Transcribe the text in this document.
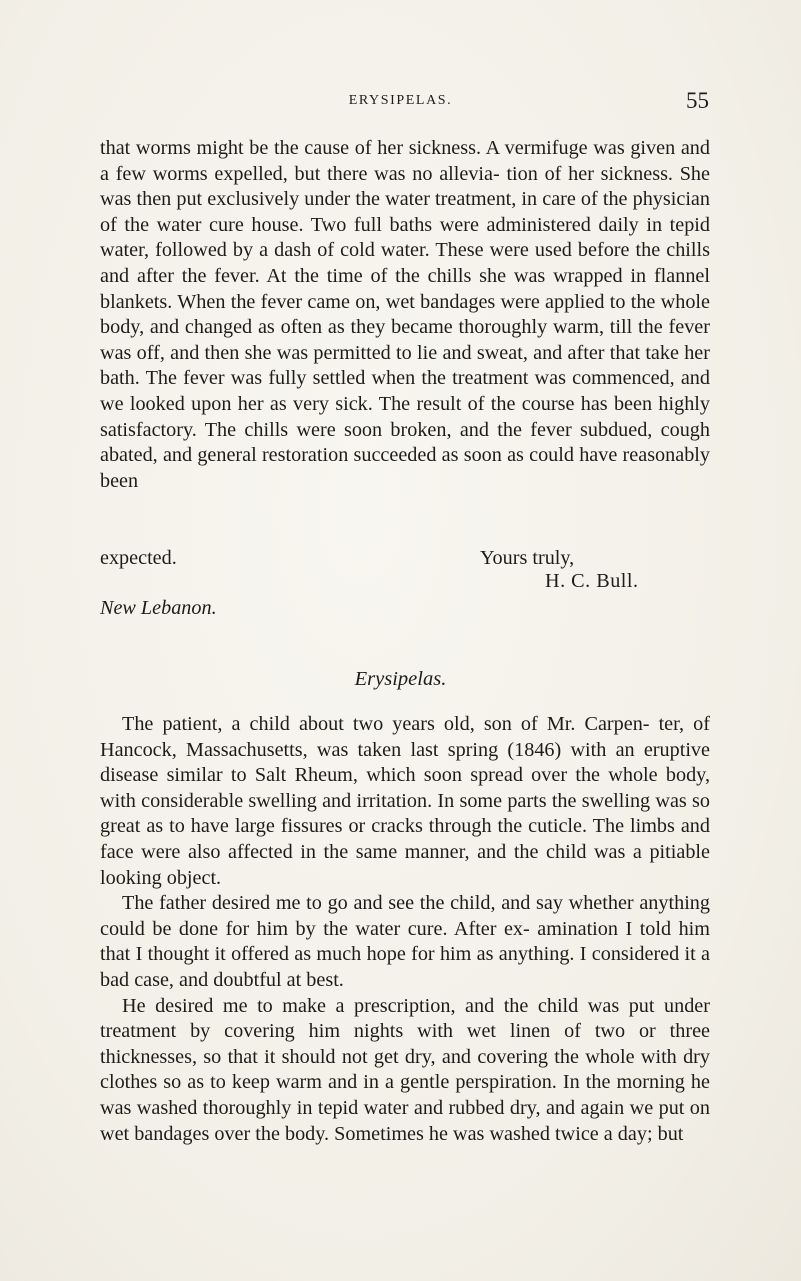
ERYSIPELAS.	55

that worms might be the cause of her sickness. A vermifuge was given and a few worms expelled, but there was no allevia- tion of her sickness. She was then put exclusively under the water treatment, in care of the physician of the water cure house. Two full baths were administered daily in tepid water, followed by a dash of cold water. These were used before the chills and after the fever. At the time of the chills she was wrapped in flannel blankets. When the fever came on, wet bandages were applied to the whole body, and changed as often as they became thoroughly warm, till the fever was off, and then she was permitted to lie and sweat, and after that take her bath. The fever was fully settled when the treatment was commenced, and we looked upon her as very sick. The result of the course has been highly satisfactory. The chills were soon broken, and the fever subdued, cough abated, and general restoration succeeded as soon as could have reasonably been

expected.	Yours truly,
H. C. Bull.
New Lebanon.
Erysipelas.

The patient, a child about two years old, son of Mr. Carpen- ter, of Hancock, Massachusetts, was taken last spring (1846) with an eruptive disease similar to Salt Rheum, which soon spread over the whole body, with considerable swelling and irritation. In some parts the swelling was so great as to have large fissures or cracks through the cuticle. The limbs and face were also affected in the same manner, and the child was a pitiable looking object.

The father desired me to go and see the child, and say whether anything could be done for him by the water cure. After ex- amination I told him that I thought it offered as much hope for him as anything. I considered it a bad case, and doubtful at best.

He desired me to make a prescription, and the child was put under treatment by covering him nights with wet linen of two or three thicknesses, so that it should not get dry, and covering the whole with dry clothes so as to keep warm and in a gentle perspiration. In the morning he was washed thoroughly in tepid water and rubbed dry, and again we put on wet bandages over the body. Sometimes he was washed twice a day; but
